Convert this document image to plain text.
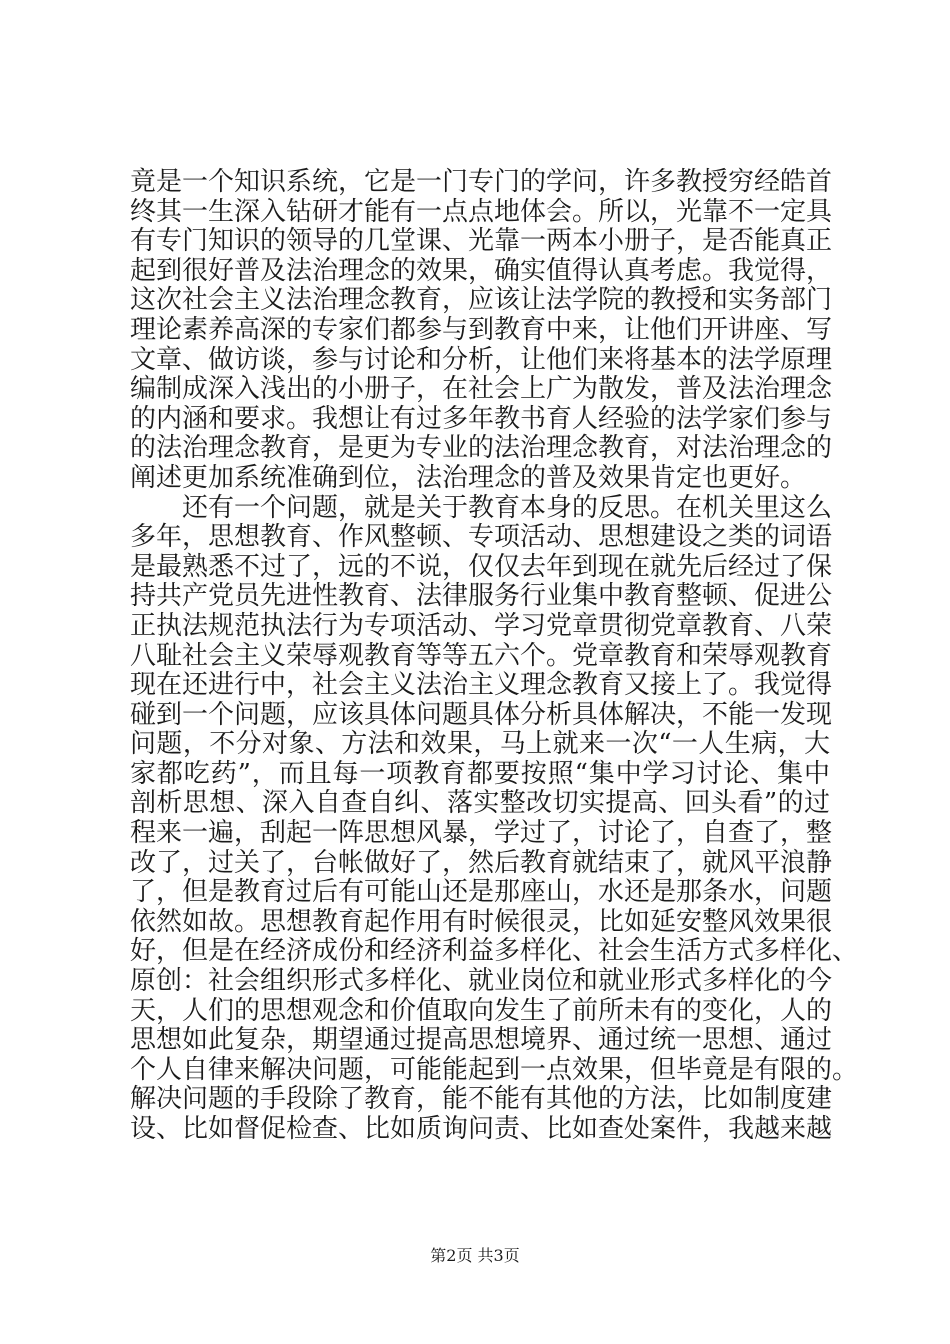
竟是一个知识系统，它是一门专门的学问，许多教授穷经皓首
终其一生深入钻研才能有一点点地体会。所以，光靠不一定具
有专门知识的领导的几堂课、光靠一两本小册子，是否能真正
起到很好普及法治理念的效果，确实值得认真考虑。我觉得，
这次社会主义法治理念教育，应该让法学院的教授和实务部门
理论素养高深的专家们都参与到教育中来，让他们开讲座、写
文章、做访谈，参与讨论和分析，让他们来将基本的法学原理
编制成深入浅出的小册子，在社会上广为散发，普及法治理念
的内涵和要求。我想让有过多年教书育人经验的法学家们参与
的法治理念教育，是更为专业的法治理念教育，对法治理念的
阐述更加系统准确到位，法治理念的普及效果肯定也更好。
　　还有一个问题，就是关于教育本身的反思。在机关里这么
多年，思想教育、作风整顿、专项活动、思想建设之类的词语
是最熟悉不过了，远的不说，仅仅去年到现在就先后经过了保
持共产党员先进性教育、法律服务行业集中教育整顿、促进公
正执法规范执法行为专项活动、学习党章贯彻党章教育、八荣
八耻社会主义荣辱观教育等等五六个。党章教育和荣辱观教育
现在还进行中，社会主义法治主义理念教育又接上了。我觉得
碰到一个问题，应该具体问题具体分析具体解决，不能一发现
问题，不分对象、方法和效果，马上就来一次“一人生病，大
家都吃药”，而且每一项教育都要按照“集中学习讨论、集中
剖析思想、深入自查自纠、落实整改切实提高、回头看”的过
程来一遍，刮起一阵思想风暴，学过了，讨论了，自查了，整
改了，过关了，台帐做好了，然后教育就结束了，就风平浪静
了，但是教育过后有可能山还是那座山，水还是那条水，问题
依然如故。思想教育起作用有时候很灵，比如延安整风效果很
好，但是在经济成份和经济利益多样化、社会生活方式多样化、
原创：社会组织形式多样化、就业岗位和就业形式多样化的今
天，人们的思想观念和价值取向发生了前所未有的变化，人的
思想如此复杂，期望通过提高思想境界、通过统一思想、通过
个人自律来解决问题，可能能起到一点效果，但毕竟是有限的。
解决问题的手段除了教育，能不能有其他的方法，比如制度建
设、比如督促检查、比如质询问责、比如查处案件，我越来越
第2页 共3页
